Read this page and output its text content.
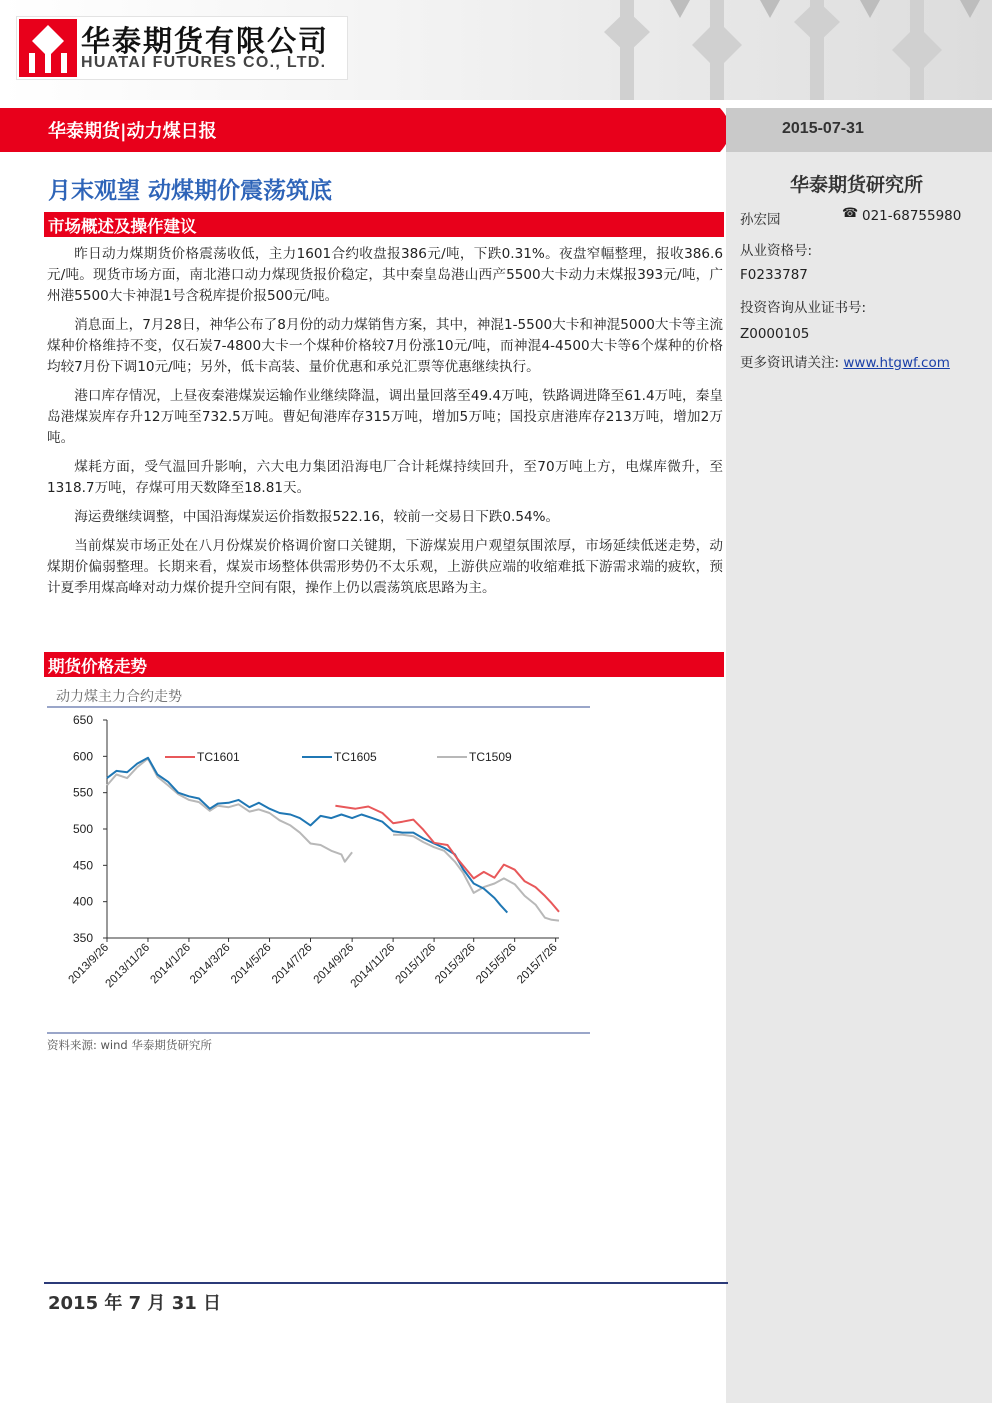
华泰期货有限公司
HUATAI FUTURES CO., LTD.
华泰期货|动力煤日报	2015-07-31
华泰期货研究所
孙宏园	☎ 021-68755980
从业资格号:
F0233787
投资咨询从业证书号:
Z0000105
更多资讯请关注: www.htgwf.com
月末观望 动煤期价震荡筑底
市场概述及操作建议

昨日动力煤期货价格震荡收低，主力1601合约收盘报386元/吨，下跌0.31%。夜盘窄幅整理，报收386.6元/吨。现货市场方面，南北港口动力煤现货报价稳定，其中秦皇岛港山西产5500大卡动力末煤报393元/吨，广州港5500大卡神混1号含税库提价报500元/吨。

消息面上，7月28日，神华公布了8月份的动力煤销售方案，其中，神混1-5500大卡和神混5000大卡等主流煤种价格维持不变，仅石炭7-4800大卡一个煤种价格较7月份涨10元/吨，而神混4-4500大卡等6个煤种的价格均较7月份下调10元/吨；另外，低卡高装、量价优惠和承兑汇票等优惠继续执行。

港口库存情况，上昼夜秦港煤炭运输作业继续降温，调出量回落至49.4万吨，铁路调进降至61.4万吨，秦皇岛港煤炭库存升12万吨至732.5万吨。曹妃甸港库存315万吨，增加5万吨；国投京唐港库存213万吨，增加2万吨。

煤耗方面，受气温回升影响，六大电力集团沿海电厂合计耗煤持续回升，至70万吨上方，电煤库微升，至1318.7万吨，存煤可用天数降至18.81天。

海运费继续调整，中国沿海煤炭运价指数报522.16，较前一交易日下跌0.54%。

当前煤炭市场正处在八月份煤炭价格调价窗口关键期，下游煤炭用户观望氛围浓厚，市场延续低迷走势，动煤期价偏弱整理。长期来看，煤炭市场整体供需形势仍不太乐观，上游供应端的收缩难抵下游需求端的疲软，预计夏季用煤高峰对动力煤价提升空间有限，操作上仍以震荡筑底思路为主。

期货价格走势
动力煤主力合约走势
350
400
450
500
550
600
650
2013/9/26
2013/11/26
2014/1/26
2014/3/26
2014/5/26
2014/7/26
2014/9/26
2014/11/26
2015/1/26
2015/3/26
2015/5/26
2015/7/26
TC1601	TC1605	TC1509
资料来源: wind 华泰期货研究所
2015 年 7 月 31 日
